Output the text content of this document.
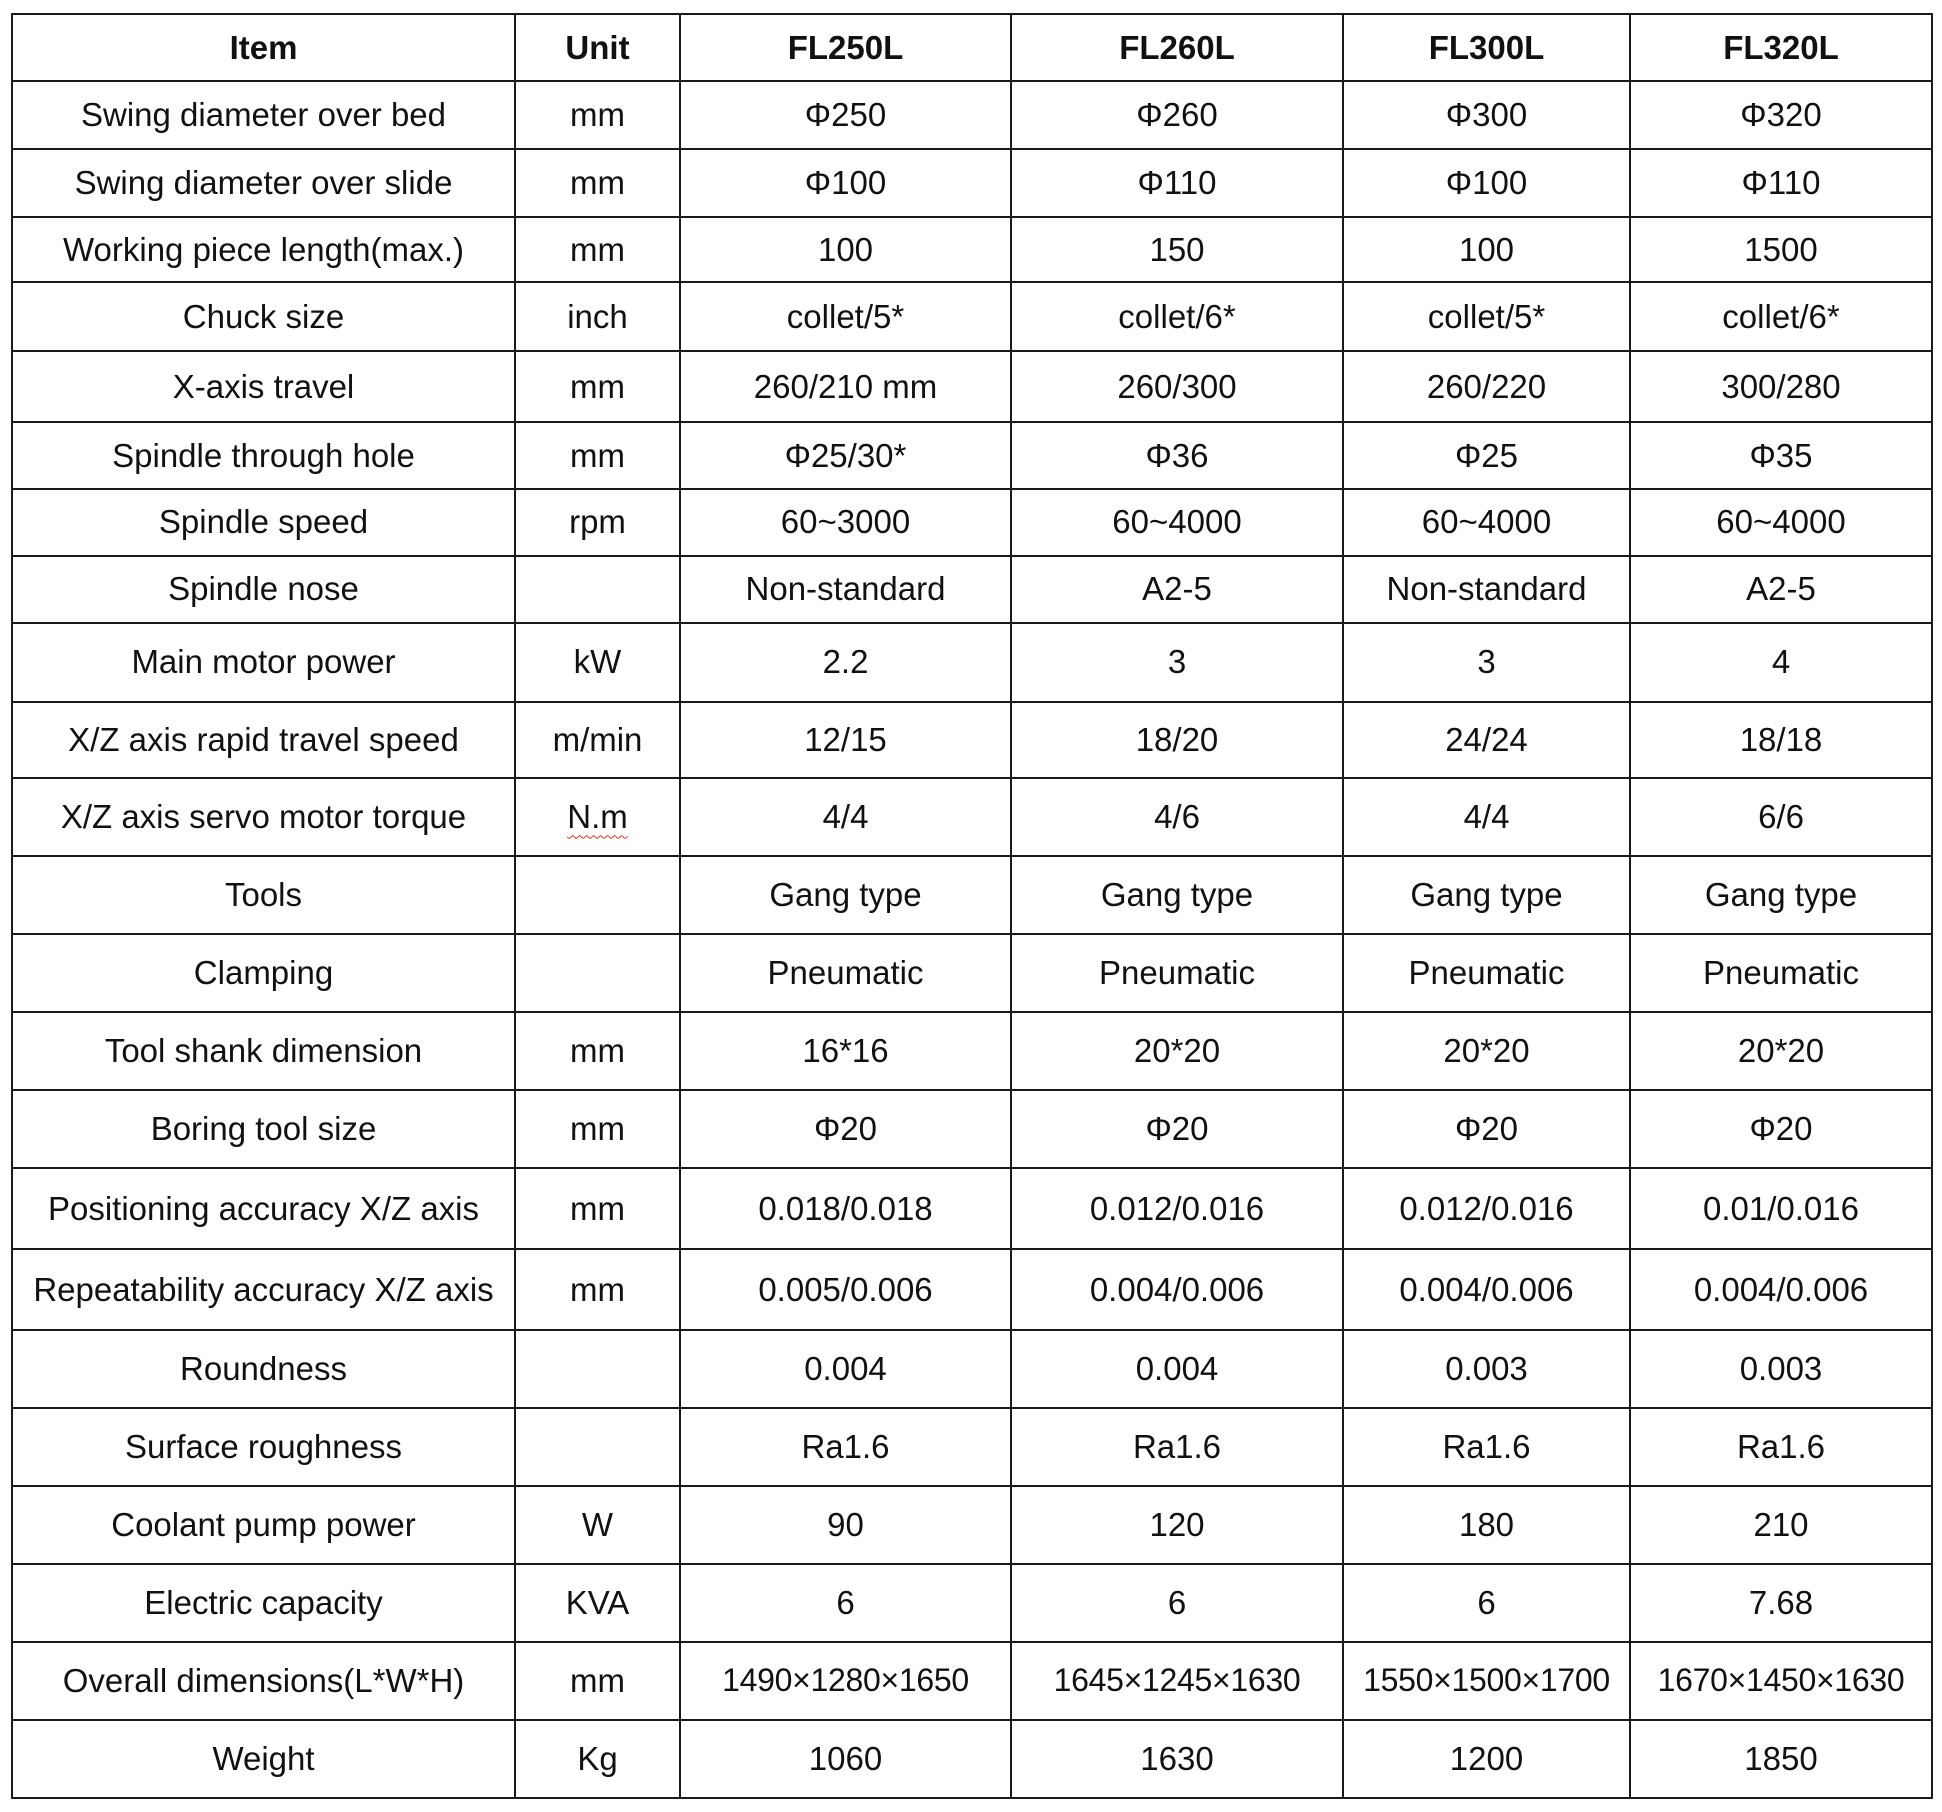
Item	Unit	FL250L	FL260L	FL300L	FL320L
Swing diameter over bed	mm	Φ250	Φ260	Φ300	Φ320
Swing diameter over slide	mm	Φ100	Φ110	Φ100	Φ110
Working piece length(max.)	mm	100	150	100	1500
Chuck size	inch	collet/5*	collet/6*	collet/5*	collet/6*
X-axis travel	mm	260/210 mm	260/300	260/220	300/280
Spindle through hole	mm	Φ25/30*	Φ36	Φ25	Φ35
Spindle speed	rpm	60~3000	60~4000	60~4000	60~4000
Spindle nose		Non-standard	A2-5	Non-standard	A2-5
Main motor power	kW	2.2	3	3	4
X/Z axis rapid travel speed	m/min	12/15	18/20	24/24	18/18
X/Z axis servo motor torque	N.m	4/4	4/6	4/4	6/6
Tools		Gang type	Gang type	Gang type	Gang type
Clamping		Pneumatic	Pneumatic	Pneumatic	Pneumatic
Tool shank dimension	mm	16*16	20*20	20*20	20*20
Boring tool size	mm	Φ20	Φ20	Φ20	Φ20
Positioning accuracy X/Z axis	mm	0.018/0.018	0.012/0.016	0.012/0.016	0.01/0.016
Repeatability accuracy X/Z axis	mm	0.005/0.006	0.004/0.006	0.004/0.006	0.004/0.006
Roundness		0.004	0.004	0.003	0.003
Surface roughness		Ra1.6	Ra1.6	Ra1.6	Ra1.6
Coolant pump power	W	90	120	180	210
Electric capacity	KVA	6	6	6	7.68
Overall dimensions(L*W*H)	mm	1490×1280×1650	1645×1245×1630	1550×1500×1700	1670×1450×1630
Weight	Kg	1060	1630	1200	1850
